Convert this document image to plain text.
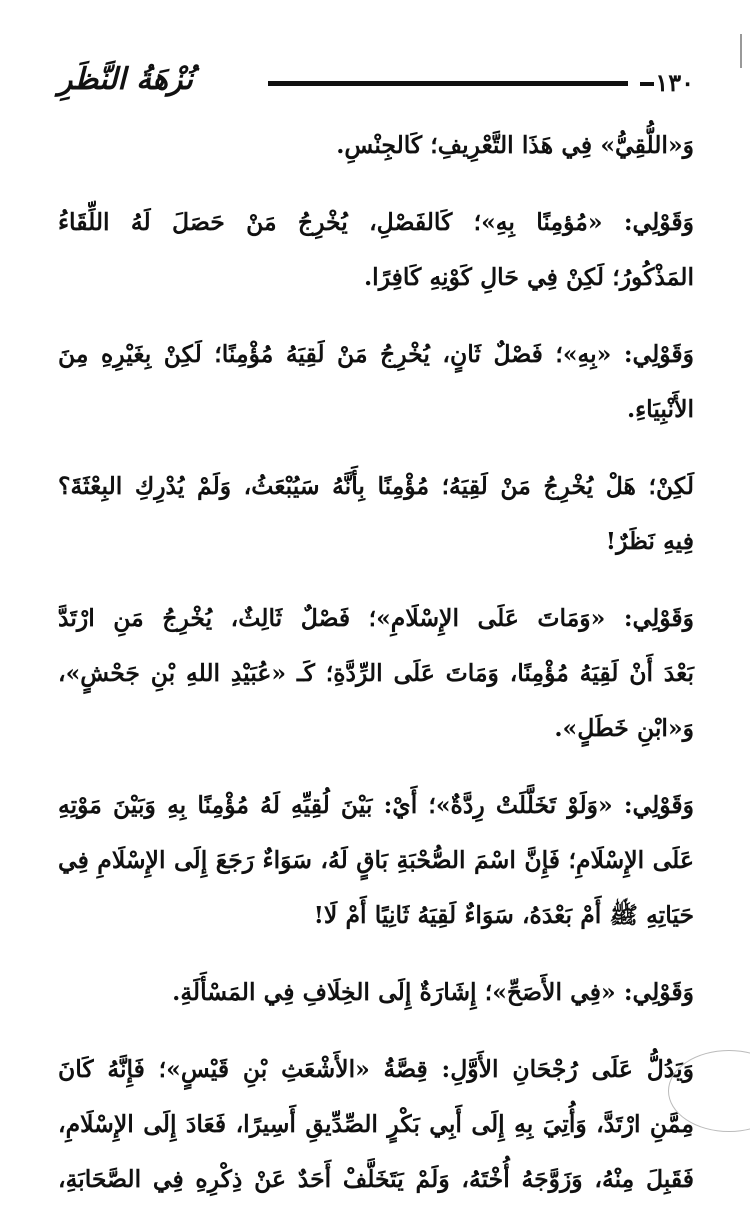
١٣٠
نُزْهَةُ النَّظَرِ
وَ«اللُّقِيُّ» فِي هَذَا التَّعْرِيفِ؛ كَالجِنْسِ.
وَقَوْلِي: «مُؤمِنًا بِهِ»؛ كَالفَصْلِ، يُخْرِجُ مَنْ حَصَلَ لَهُ اللِّقَاءُ
المَذْكُورُ؛ لَكِنْ فِي حَالِ كَوْنِهِ كَافِرًا.
وَقَوْلِي: «بِهِ»؛ فَصْلٌ ثَانٍ، يُخْرِجُ مَنْ لَقِيَهُ مُؤْمِنًا؛ لَكِنْ بِغَيْرِهِ مِنَ
الأَنْبِيَاءِ.
لَكِنْ؛ هَلْ يُخْرِجُ مَنْ لَقِيَهُ؛ مُؤْمِنًا بِأَنَّهُ سَيُبْعَثُ، وَلَمْ يُدْرِكِ البِعْثَةَ؟
فِيهِ نَظَرٌ!
وَقَوْلِي: «وَمَاتَ عَلَى الإِسْلَامِ»؛ فَصْلٌ ثَالِثٌ، يُخْرِجُ مَنِ ارْتَدَّ
بَعْدَ أَنْ لَقِيَهُ مُؤْمِنًا، وَمَاتَ عَلَى الرِّدَّةِ؛ كَـ «عُبَيْدِ اللهِ بْنِ جَحْشٍ»،
وَ«ابْنِ خَطَلٍ».
وَقَوْلِي: «وَلَوْ تَخَلَّلَتْ رِدَّةٌ»؛ أَيْ: بَيْنَ لُقِيِّهِ لَهُ مُؤْمِنًا بِهِ وَبَيْنَ مَوْتِهِ
عَلَى الإِسْلَامِ؛ فَإِنَّ اسْمَ الصُّحْبَةِ بَاقٍ لَهُ، سَوَاءٌ رَجَعَ إِلَى الإِسْلَامِ فِي
حَيَاتِهِ ﷺ أَمْ بَعْدَهُ، سَوَاءٌ لَقِيَهُ ثَانِيًا أَمْ لَا!
وَقَوْلِي: «فِي الأَصَحِّ»؛ إِشَارَةٌ إِلَى الخِلَافِ فِي المَسْأَلَةِ.
وَيَدُلُّ عَلَى رُجْحَانِ الأَوَّلِ: قِصَّةُ «الأَشْعَثِ بْنِ قَيْسٍ»؛ فَإِنَّهُ كَانَ
مِمَّنِ ارْتَدَّ، وَأُتِيَ بِهِ إِلَى أَبِي بَكْرٍ الصِّدِّيقِ أَسِيرًا، فَعَادَ إِلَى الإِسْلَامِ،
فَقَبِلَ مِنْهُ، وَزَوَّجَهُ أُخْتَهُ، وَلَمْ يَتَخَلَّفْ أَحَدٌ عَنْ ذِكْرِهِ فِي الصَّحَابَةِ،
